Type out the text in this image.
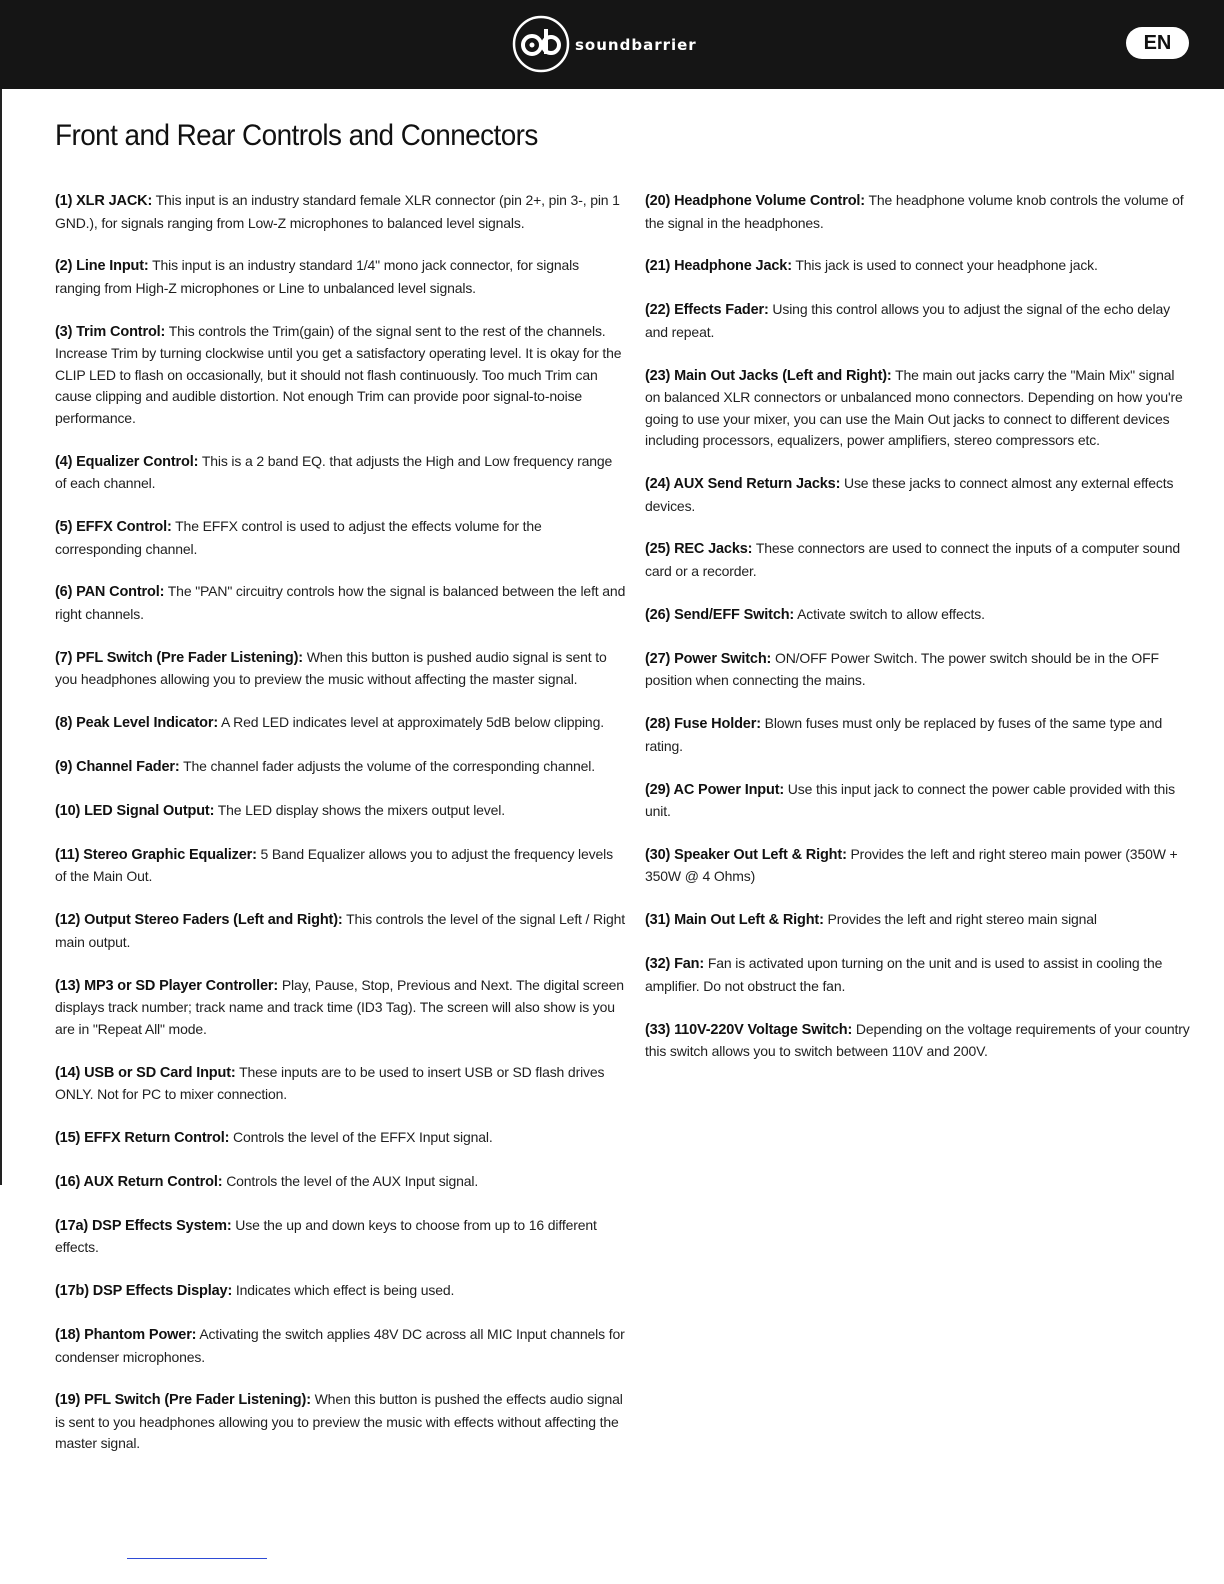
soundbarrier	EN
Front and Rear Controls and Connectors

(1) XLR JACK: This input is an industry standard female XLR connector (pin 2+, pin 3-, pin 1 GND.), for signals ranging from Low-Z microphones to balanced level signals.

(2) Line Input: This input is an industry standard 1/4" mono jack connector, for signals ranging from High-Z microphones or Line to unbalanced level signals.

(3) Trim Control: This controls the Trim(gain) of the signal sent to the rest of the channels. Increase Trim by turning clockwise until you get a satisfactory operating level. It is okay for the CLIP LED to flash on occasionally, but it should not flash continuously. Too much Trim can cause clipping and audible distortion. Not enough Trim can provide poor signal-to-noise performance.

(4) Equalizer Control: This is a 2 band EQ. that adjusts the High and Low frequency range of each channel.

(5) EFFX Control: The EFFX control is used to adjust the effects volume for the corresponding channel.

(6) PAN Control: The "PAN" circuitry controls how the signal is balanced between the left and right channels.

(7) PFL Switch (Pre Fader Listening): When this button is pushed audio signal is sent to you headphones allowing you to preview the music without affecting the master signal.

(8) Peak Level Indicator: A Red LED indicates level at approximately 5dB below clipping.

(9) Channel Fader: The channel fader adjusts the volume of the corresponding channel.

(10) LED Signal Output: The LED display shows the mixers output level.

(11) Stereo Graphic Equalizer: 5 Band Equalizer allows you to adjust the frequency levels of the Main Out.

(12) Output Stereo Faders (Left and Right): This controls the level of the signal Left / Right main output.

(13) MP3 or SD Player Controller: Play, Pause, Stop, Previous and Next. The digital screen displays track number; track name and track time (ID3 Tag). The screen will also show is you are in "Repeat All" mode.

(14) USB or SD Card Input: These inputs are to be used to insert USB or SD flash drives ONLY. Not for PC to mixer connection.

(15) EFFX Return Control: Controls the level of the EFFX Input signal.

(16) AUX Return Control: Controls the level of the AUX Input signal.

(17a) DSP Effects System: Use the up and down keys to choose from up to 16 different effects.

(17b) DSP Effects Display: Indicates which effect is being used.

(18) Phantom Power: Activating the switch applies 48V DC across all MIC Input channels for condenser microphones.

(19) PFL Switch (Pre Fader Listening): When this button is pushed the effects audio signal is sent to you headphones allowing you to preview the music with effects without affecting the master signal.

(20) Headphone Volume Control: The headphone volume knob controls the volume of the signal in the headphones.

(21) Headphone Jack: This jack is used to connect your headphone jack.

(22) Effects Fader: Using this control allows you to adjust the signal of the echo delay and repeat.

(23) Main Out Jacks (Left and Right): The main out jacks carry the "Main Mix" signal on balanced XLR connectors or unbalanced mono connectors. Depending on how you're going to use your mixer, you can use the Main Out jacks to connect to different devices including processors, equalizers, power amplifiers, stereo compressors etc.

(24) AUX Send Return Jacks: Use these jacks to connect almost any external effects devices.

(25) REC Jacks: These connectors are used to connect the inputs of a computer sound card or a recorder.

(26) Send/EFF Switch: Activate switch to allow effects.

(27) Power Switch: ON/OFF Power Switch. The power switch should be in the OFF position when connecting the mains.

(28) Fuse Holder: Blown fuses must only be replaced by fuses of the same type and rating.

(29) AC Power Input: Use this input jack to connect the power cable provided with this unit.

(30) Speaker Out Left & Right: Provides the left and right stereo main power (350W + 350W @ 4 Ohms)

(31) Main Out Left & Right: Provides the left and right stereo main signal

(32) Fan: Fan is activated upon turning on the unit and is used to assist in cooling the amplifier. Do not obstruct the fan.

(33) 110V-220V Voltage Switch: Depending on the voltage requirements of your country this switch allows you to switch between 110V and 200V.
